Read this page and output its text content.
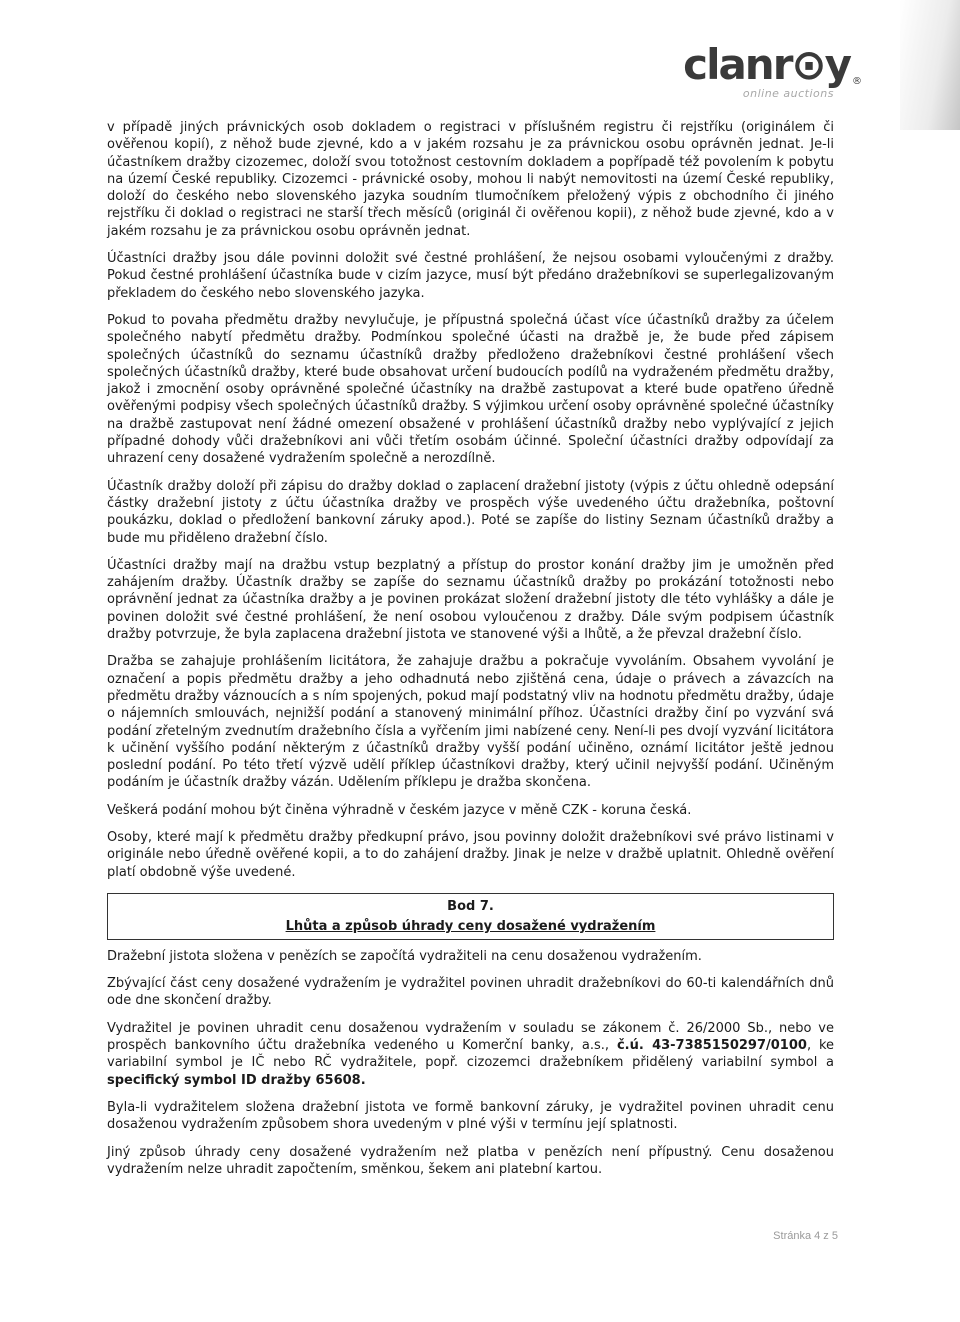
clanr⊙y ®
online auctions

v případě jiných právnických osob dokladem o registraci v příslušném registru či rejstříku (originálem či ověřenou kopií), z něhož bude zjevné, kdo a v jakém rozsahu je za právnickou osobu oprávněn jednat. Je-li účastníkem dražby cizozemec, doloží svou totožnost cestovním dokladem a popřípadě též povolením k pobytu na území České republiky. Cizozemci - právnické osoby, mohou li nabýt nemovitosti na území České republiky, doloží do českého nebo slovenského jazyka soudním tlumočníkem přeložený výpis z obchodního či jiného rejstříku či doklad o registraci ne starší třech měsíců (originál či ověřenou kopii), z něhož bude zjevné, kdo a v jakém rozsahu je za právnickou osobu oprávněn jednat.

Účastníci dražby jsou dále povinni doložit své čestné prohlášení, že nejsou osobami vyloučenými z dražby. Pokud čestné prohlášení účastníka bude v cizím jazyce, musí být předáno dražebníkovi se superlegalizovaným překladem do českého nebo slovenského jazyka.

Pokud to povaha předmětu dražby nevylučuje, je přípustná společná účast více účastníků dražby za účelem společného nabytí předmětu dražby. Podmínkou společné účasti na dražbě je, že bude před zápisem společných účastníků do seznamu účastníků dražby předloženo dražebníkovi čestné prohlášení všech společných účastníků dražby, které bude obsahovat určení budoucích podílů na vydraženém předmětu dražby, jakož i zmocnění osoby oprávněné společné účastníky na dražbě zastupovat a které bude opatřeno úředně ověřenými podpisy všech společných účastníků dražby. S výjimkou určení osoby oprávněné společné účastníky na dražbě zastupovat není žádné omezení obsažené v prohlášení účastníků dražby nebo vyplývající z jejich případné dohody vůči dražebníkovi ani vůči třetím osobám účinné. Společní účastníci dražby odpovídají za uhrazení ceny dosažené vydražením společně a nerozdílně.

Účastník dražby doloží při zápisu do dražby doklad o zaplacení dražební jistoty (výpis z účtu ohledně odepsání částky dražební jistoty z účtu účastníka dražby ve prospěch výše uvedeného účtu dražebníka, poštovní poukázku, doklad o předložení bankovní záruky apod.). Poté se zapíše do listiny Seznam účastníků dražby a bude mu přiděleno dražební číslo.

Účastníci dražby mají na dražbu vstup bezplatný a přístup do prostor konání dražby jim je umožněn před zahájením dražby. Účastník dražby se zapíše do seznamu účastníků dražby po prokázání totožnosti nebo oprávnění jednat za účastníka dražby a je povinen prokázat složení dražební jistoty dle této vyhlášky a dále je povinen doložit své čestné prohlášení, že není osobou vyloučenou z dražby. Dále svým podpisem účastník dražby potvrzuje, že byla zaplacena dražební jistota ve stanovené výši a lhůtě, a že převzal dražební číslo.

Dražba se zahajuje prohlášením licitátora, že zahajuje dražbu a pokračuje vyvoláním. Obsahem vyvolání je označení a popis předmětu dražby a jeho odhadnutá nebo zjištěná cena, údaje o právech a závazcích na předmětu dražby váznoucích a s ním spojených, pokud mají podstatný vliv na hodnotu předmětu dražby, údaje o nájemních smlouvách, nejnižší podání a stanovený minimální příhoz. Účastníci dražby činí po vyzvání svá podání zřetelným zvednutím dražebního čísla a vyřčením jimi nabízené ceny. Není-li pes dvojí vyzvání licitátora k učinění vyššího podání některým z účastníků dražby vyšší podání učiněno, oznámí licitátor ještě jednou poslední podání. Po této třetí výzvě udělí příklep účastníkovi dražby, který učinil nejvyšší podání. Učiněným podáním je účastník dražby vázán. Udělením příklepu je dražba skončena.

Veškerá podání mohou být činěna výhradně v českém jazyce v měně CZK - koruna česká.

Osoby, které mají k předmětu dražby předkupní právo, jsou povinny doložit dražebníkovi své právo listinami v originále nebo úředně ověřené kopii, a to do zahájení dražby. Jinak je nelze v dražbě uplatnit. Ohledně ověření platí obdobně výše uvedené.

Bod 7.
Lhůta a způsob úhrady ceny dosažené vydražením

Dražební jistota složena v penězích se započítá vydražiteli na cenu dosaženou vydražením.

Zbývající část ceny dosažené vydražením je vydražitel povinen uhradit dražebníkovi do 60-ti kalendářních dnů ode dne skončení dražby.

Vydražitel je povinen uhradit cenu dosaženou vydražením v souladu se zákonem č. 26/2000 Sb., nebo ve prospěch bankovního účtu dražebníka vedeného u Komerční banky, a.s., č.ú. 43-7385150297/0100, ke variabilní symbol je IČ nebo RČ vydražitele, popř. cizozemci dražebníkem přidělený variabilní symbol a specifický symbol ID dražby 65608.

Byla-li vydražitelem složena dražební jistota ve formě bankovní záruky, je vydražitel povinen uhradit cenu dosaženou vydražením způsobem shora uvedeným v plné výši v termínu její splatnosti.

Jiný způsob úhrady ceny dosažené vydražením než platba v penězích není přípustný. Cenu dosaženou vydražením nelze uhradit započtením, směnkou, šekem ani platební kartou.

Stránka 4 z 5
